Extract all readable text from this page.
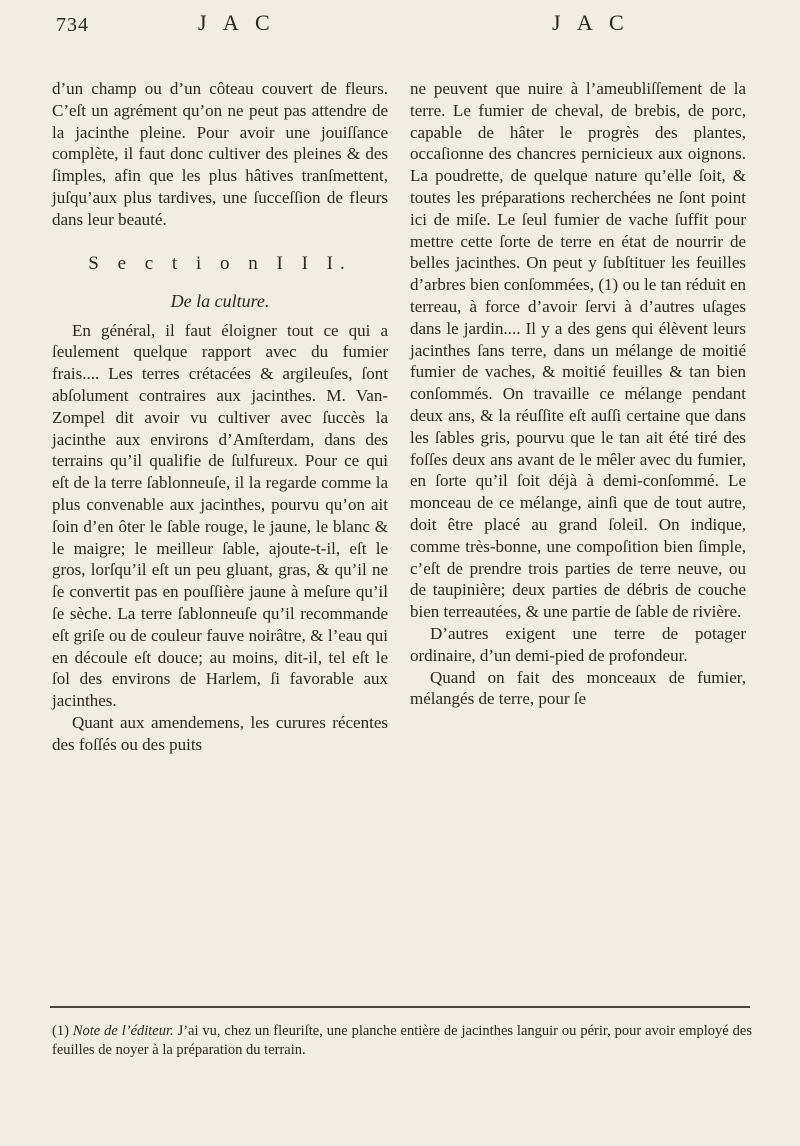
734	J A C	J A C

d’un champ ou d’un côteau couvert de fleurs. C’eſt un agrément qu’on ne peut pas attendre de la jacinthe pleine. Pour avoir une jouiſſance complète, il faut donc cultiver des pleines & des ſimples, afin que les plus hâtives tranſmettent, juſqu’aux plus tardives, une ſucceſſion de fleurs dans leur beauté.

S e c t i o n I I I.
De la culture.

En général, il faut éloigner tout ce qui a ſeulement quelque rapport avec du fumier frais.... Les terres crétacées & argileuſes, ſont abſolument contraires aux jacinthes. M. Van-Zompel dit avoir vu cultiver avec ſuccès la jacinthe aux environs d’Amſterdam, dans des terrains qu’il qualifie de ſulfureux. Pour ce qui eſt de la terre ſablonneuſe, il la regarde comme la plus convenable aux jacinthes, pourvu qu’on ait ſoin d’en ôter le ſable rouge, le jaune, le blanc & le maigre; le meilleur ſable, ajoute-t-il, eſt le gros, lorſqu’il eſt un peu gluant, gras, & qu’il ne ſe convertit pas en pouſſière jaune à meſure qu’il ſe sèche. La terre ſablonneuſe qu’il recommande eſt griſe ou de couleur fauve noirâtre, & l’eau qui en découle eſt douce; au moins, dit-il, tel eſt le ſol des environs de Harlem, ſi favorable aux jacinthes.

Quant aux amendemens, les curures récentes des foſſés ou des puits

ne peuvent que nuire à l’ameubliſſement de la terre. Le fumier de cheval, de brebis, de porc, capable de hâter le progrès des plantes, occaſionne des chancres pernicieux aux oignons. La poudrette, de quelque nature qu’elle ſoit, & toutes les préparations recherchées ne ſont point ici de miſe. Le ſeul fumier de vache ſuffit pour mettre cette ſorte de terre en état de nourrir de belles jacinthes. On peut y ſubſtituer les feuilles d’arbres bien conſommées, (1) ou le tan réduit en terreau, à force d’avoir ſervi à d’autres uſages dans le jardin.... Il y a des gens qui élèvent leurs jacinthes ſans terre, dans un mélange de moitié fumier de vaches, & moitié feuilles & tan bien conſommés. On travaille ce mélange pendant deux ans, & la réuſſite eſt auſſi certaine que dans les ſables gris, pourvu que le tan ait été tiré des foſſes deux ans avant de le mêler avec du fumier, en ſorte qu’il ſoit déjà à demi-conſommé. Le monceau de ce mélange, ainſi que de tout autre, doit être placé au grand ſoleil. On indique, comme très-bonne, une compoſition bien ſimple, c’eſt de prendre trois parties de terre neuve, ou de taupinière; deux parties de débris de couche bien terreautées, & une partie de ſable de rivière.

D’autres exigent une terre de potager ordinaire, d’un demi-pied de profondeur.

Quand on fait des monceaux de fumier, mélangés de terre, pour ſe

(1) Note de l’éditeur. J’ai vu, chez un fleuriſte, une planche entière de jacinthes languir ou périr, pour avoir employé des feuilles de noyer à la préparation du terrain.
